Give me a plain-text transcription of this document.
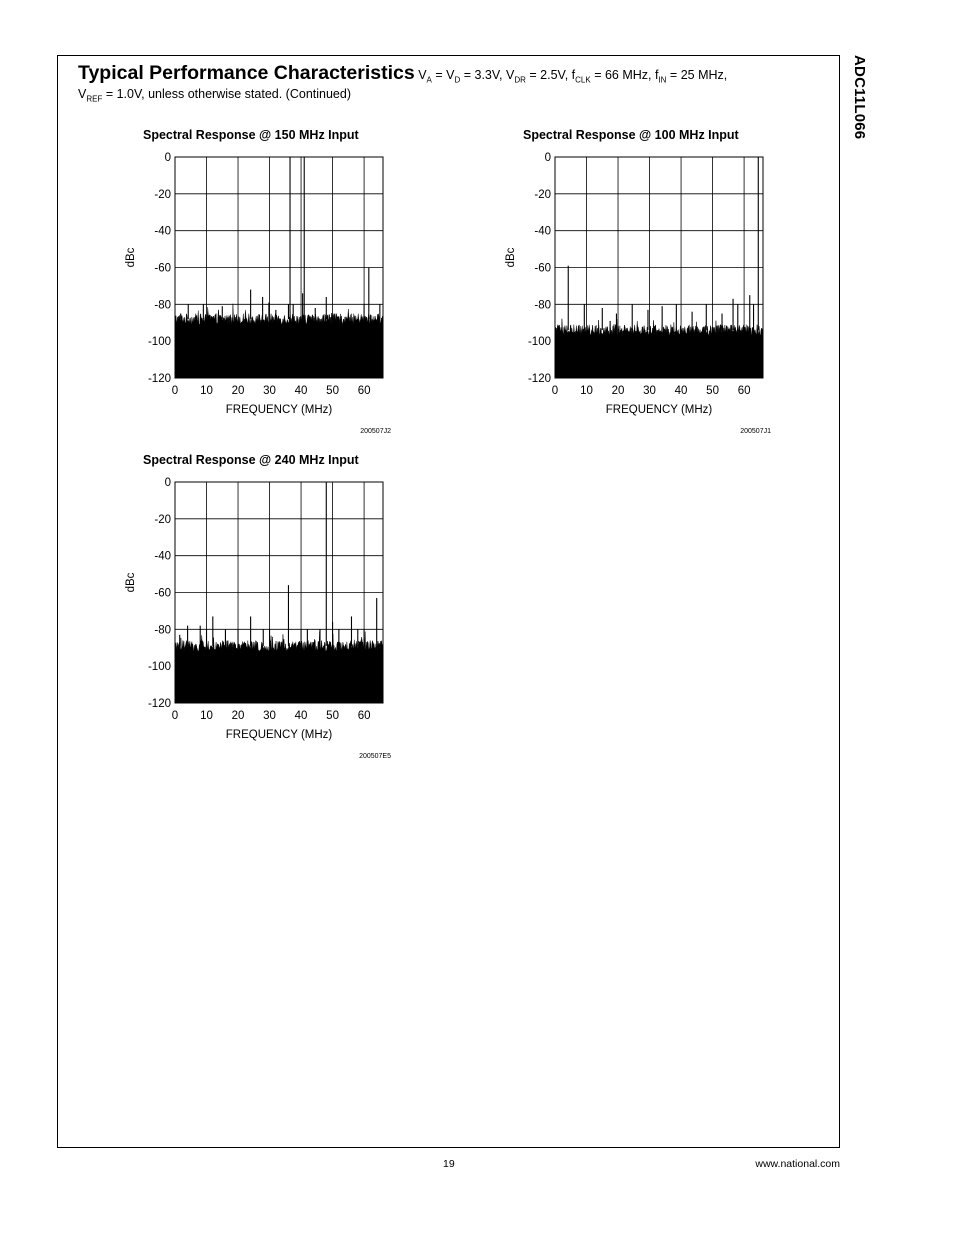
ADC11L066
Typical Performance Characteristics $V_A = V_D = 3.3V$, $V_{DR} = 2.5V$, $f_{CLK} = 66$ MHz, $f_{IN} = 25$ MHz,
$V_{REF} = 1.0V$, unless otherwise stated. (Continued)
Spectral Response @ 150 MHz Input
0
-20
-40
-60
-80
-100
-120
0 10 20 30 40 50 60
FREQUENCY (MHz)
dBc
200507J2
Spectral Response @ 100 MHz Input
0
-20
-40
-60
-80
-100
-120
0 10 20 30 40 50 60
FREQUENCY (MHz)
dBc
200507J1
Spectral Response @ 240 MHz Input
0
-20
-40
-60
-80
-100
-120
0 10 20 30 40 50 60
FREQUENCY (MHz)
dBc
200507E5
19	www.national.com
